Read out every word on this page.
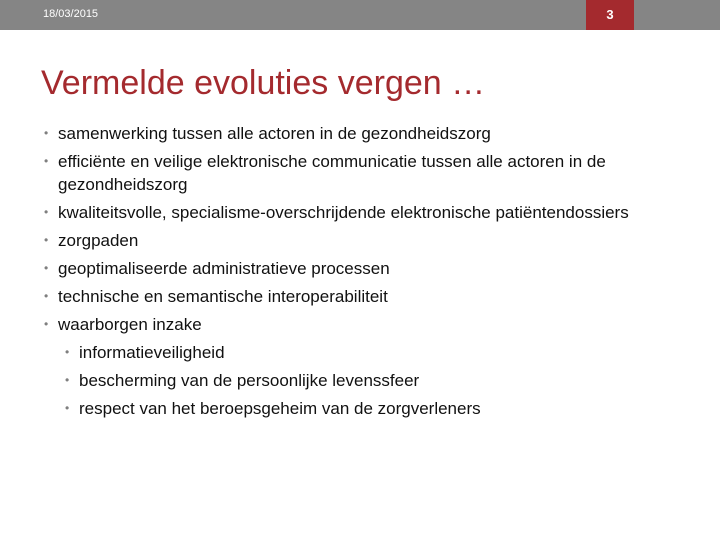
18/03/2015	3
Vermelde evoluties vergen …
• samenwerking tussen alle actoren in de gezondheidszorg
• efficiënte en veilige elektronische communicatie tussen alle actoren in de gezondheidszorg
• kwaliteitsvolle, specialisme-overschrijdende elektronische patiëntendossiers
• zorgpaden
• geoptimaliseerde administratieve processen
• technische en semantische interoperabiliteit
• waarborgen inzake
• informatieveiligheid
• bescherming van de persoonlijke levenssfeer
• respect van het beroepsgeheim van de zorgverleners
